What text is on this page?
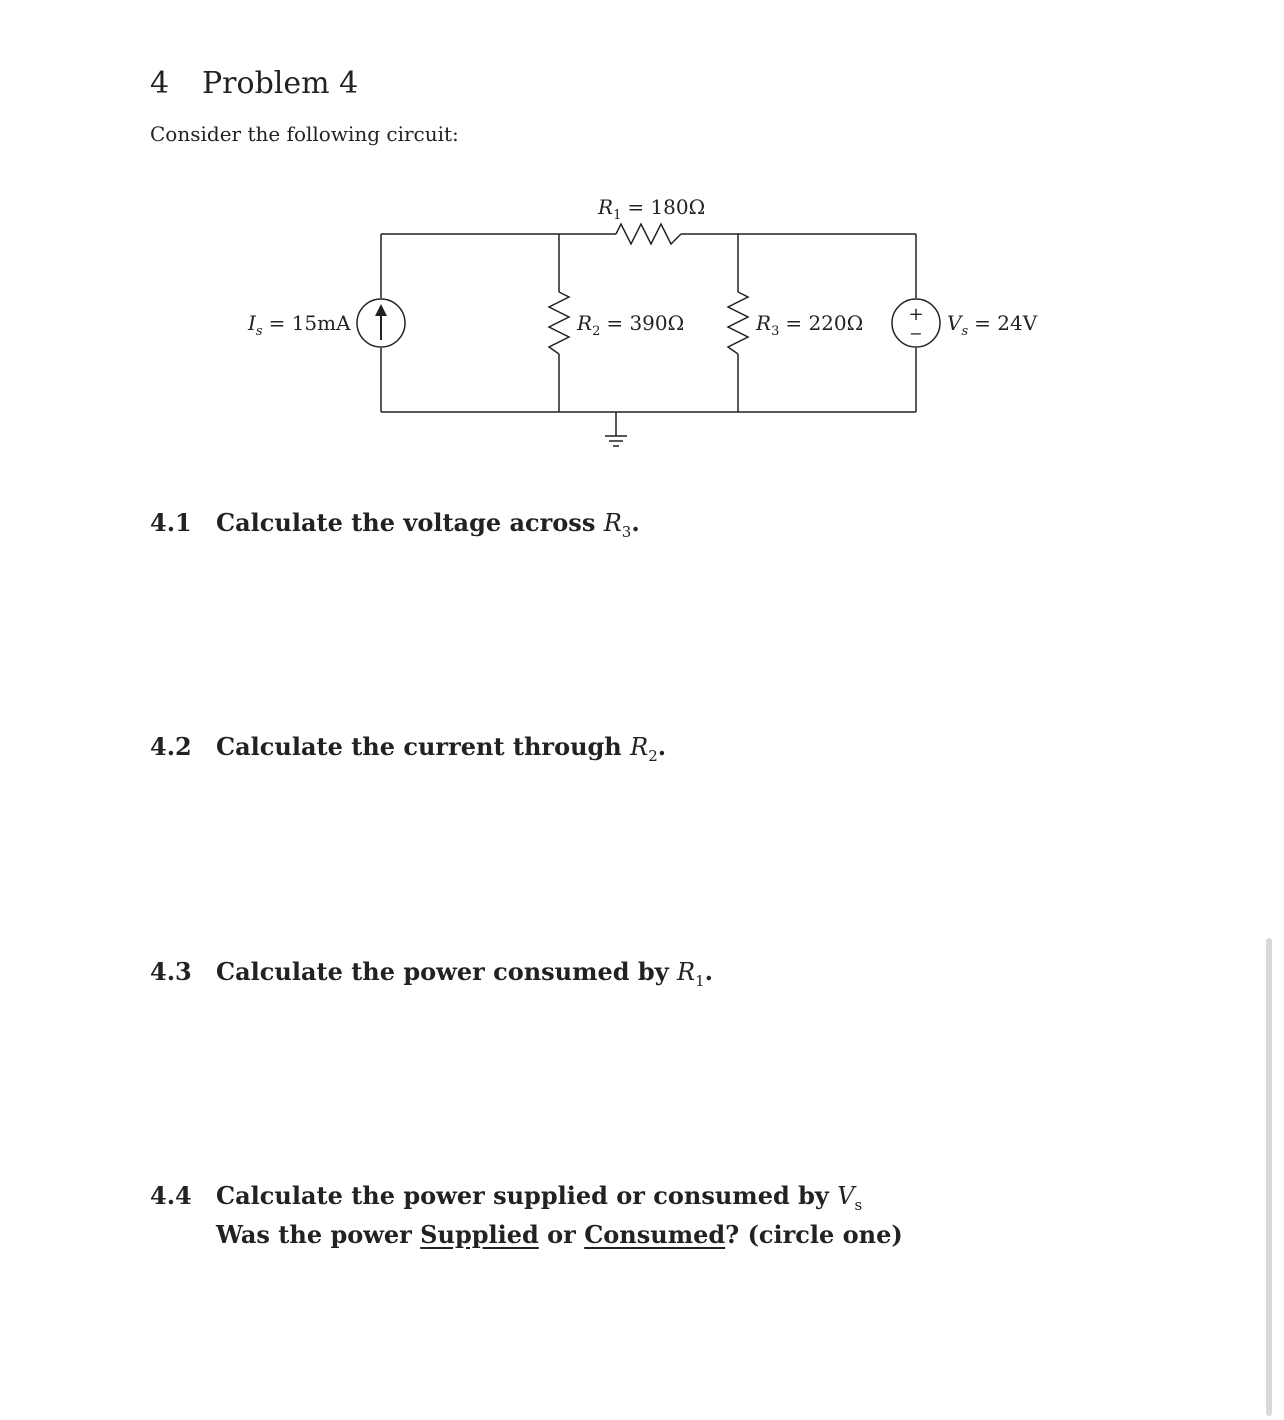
4 Problem 4
Consider the following circuit:
$R_1 = 180\Omega$
$R_2 = 390\Omega$	$R_3 = 220\Omega$
$I_s = 15mA$	$V_s = 24V$
+
−
4.1 Calculate the voltage across $R_3$.
4.2 Calculate the current through $R_2$.
4.3 Calculate the power consumed by $R_1$.
4.4 Calculate the power supplied or consumed by $V_s$
Was the power Supplied or Consumed? (circle one)
